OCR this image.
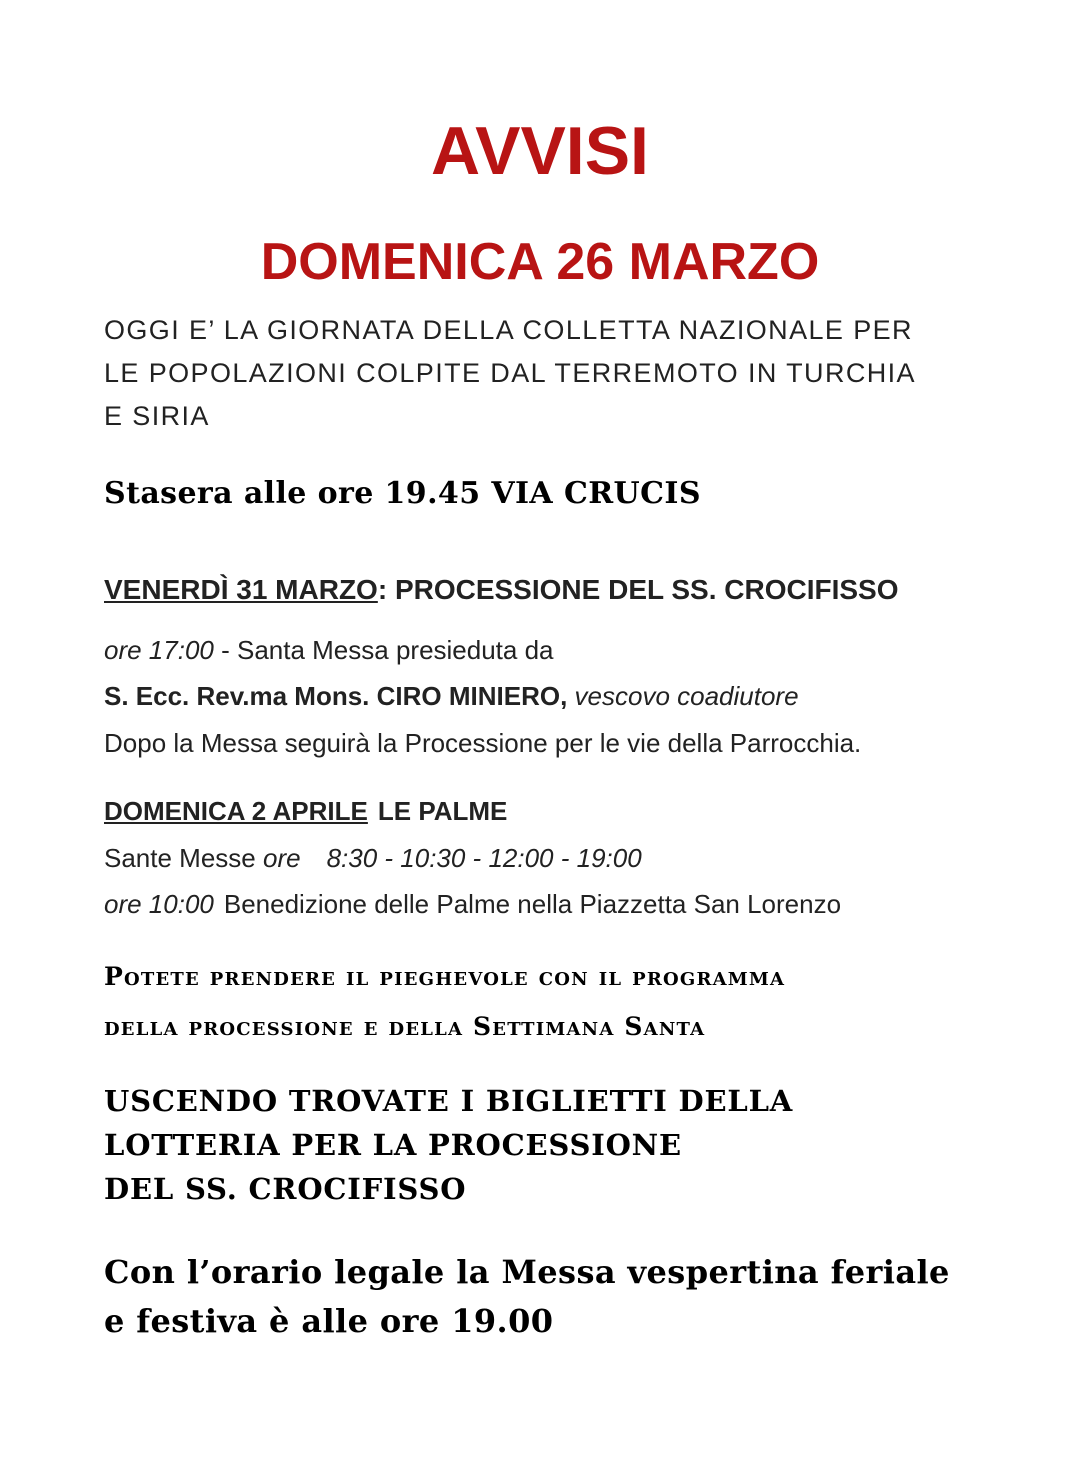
AVVISI
DOMENICA 26 MARZO
OGGI E’ LA GIORNATA DELLA COLLETTA NAZIONALE PER
LE POPOLAZIONI COLPITE DAL TERREMOTO IN TURCHIA
E SIRIA
Stasera alle ore 19.45 VIA CRUCIS
VENERDÌ 31 MARZO: PROCESSIONE DEL SS. CROCIFISSO
ore 17:00 - Santa Messa presieduta da
S. Ecc. Rev.ma Mons. CIRO MINIERO, vescovo coadiutore
Dopo la Messa seguirà la Processione per le vie della Parrocchia.
DOMENICA 2 APRILE LE PALME
Sante Messe ore 8:30 - 10:30 - 12:00 - 19:00
ore 10:00 Benedizione delle Palme nella Piazzetta San Lorenzo
Potete prendere il pieghevole con il programma
della processione e della Settimana Santa
USCENDO TROVATE I BIGLIETTI DELLA
LOTTERIA PER LA PROCESSIONE
DEL SS. CROCIFISSO
Con l’orario legale la Messa vespertina feriale
e festiva è alle ore 19.00
